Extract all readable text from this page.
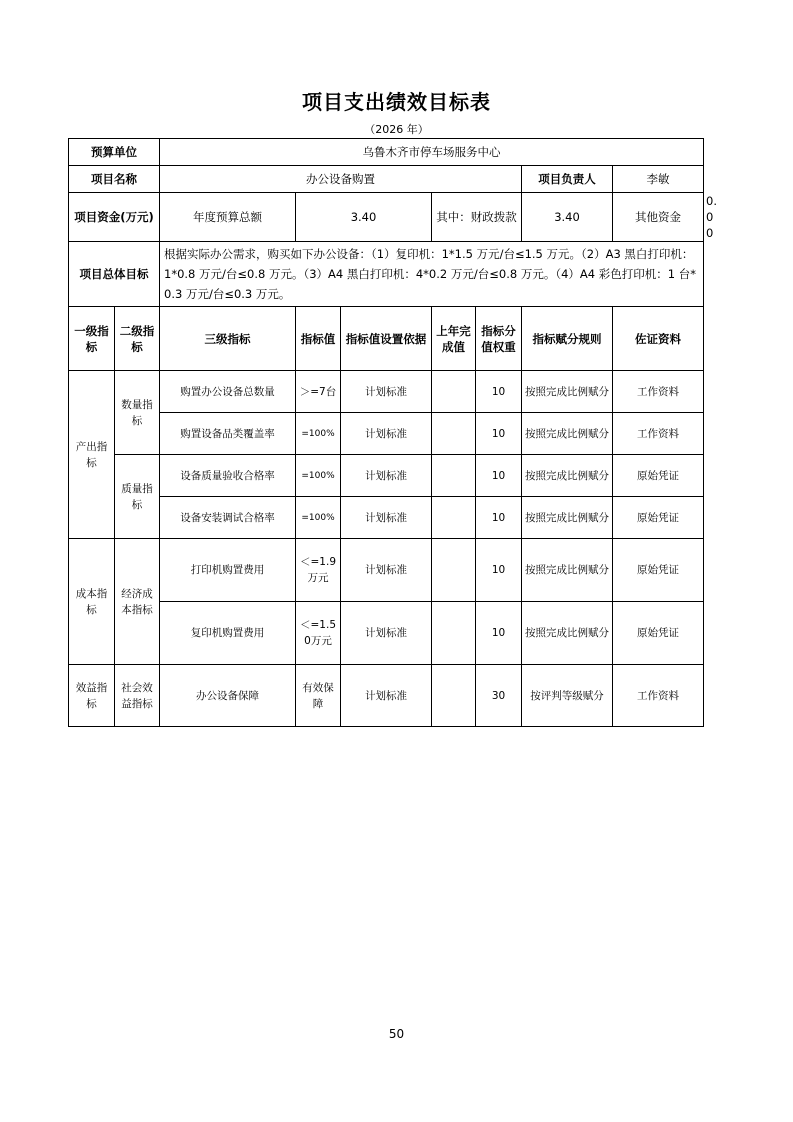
项目支出绩效目标表
（2026 年）
预算单位		乌鲁木齐市停车场服务中心							
项目名称		办公设备购置					项目负责人	李敏	
项目资金(万元)		年度预算总额	3.40		其中：财政拨款		3.40	其他资金	0.00
项目总体目标		根据实际办公需求，购买如下办公设备：（1）复印机：1*1.5 万元/台≤1.5 万元。（2）A3 黑白打印机：1*0.8 万元/台≤0.8 万元。（3）A4 黑白打印机：4*0.2 万元/台≤0.8 万元。（4）A4 彩色打印机：1 台*0.3 万元/台≤0.3 万元。							
一级指标	二级指标	三级指标	指标值	指标值设置依据	上年完成值	指标分值权重	指标赋分规则	佐证资料	
产出指标	数量指标	购置办公设备总数量	＞=7台	计划标准		10	按照完成比例赋分	工作资料	
		购置设备品类覆盖率	=100%	计划标准		10	按照完成比例赋分	工作资料	
	质量指标	设备质量验收合格率	=100%	计划标准		10	按照完成比例赋分	原始凭证	
		设备安装调试合格率	=100%	计划标准		10	按照完成比例赋分	原始凭证	
成本指标	经济成本指标	打印机购置费用	＜=1.9万元	计划标准		10	按照完成比例赋分	原始凭证	
		复印机购置费用	＜=1.50万元	计划标准		10	按照完成比例赋分	原始凭证	
效益指标	社会效益指标	办公设备保障	有效保障	计划标准		30	按评判等级赋分	工作资料	
50
